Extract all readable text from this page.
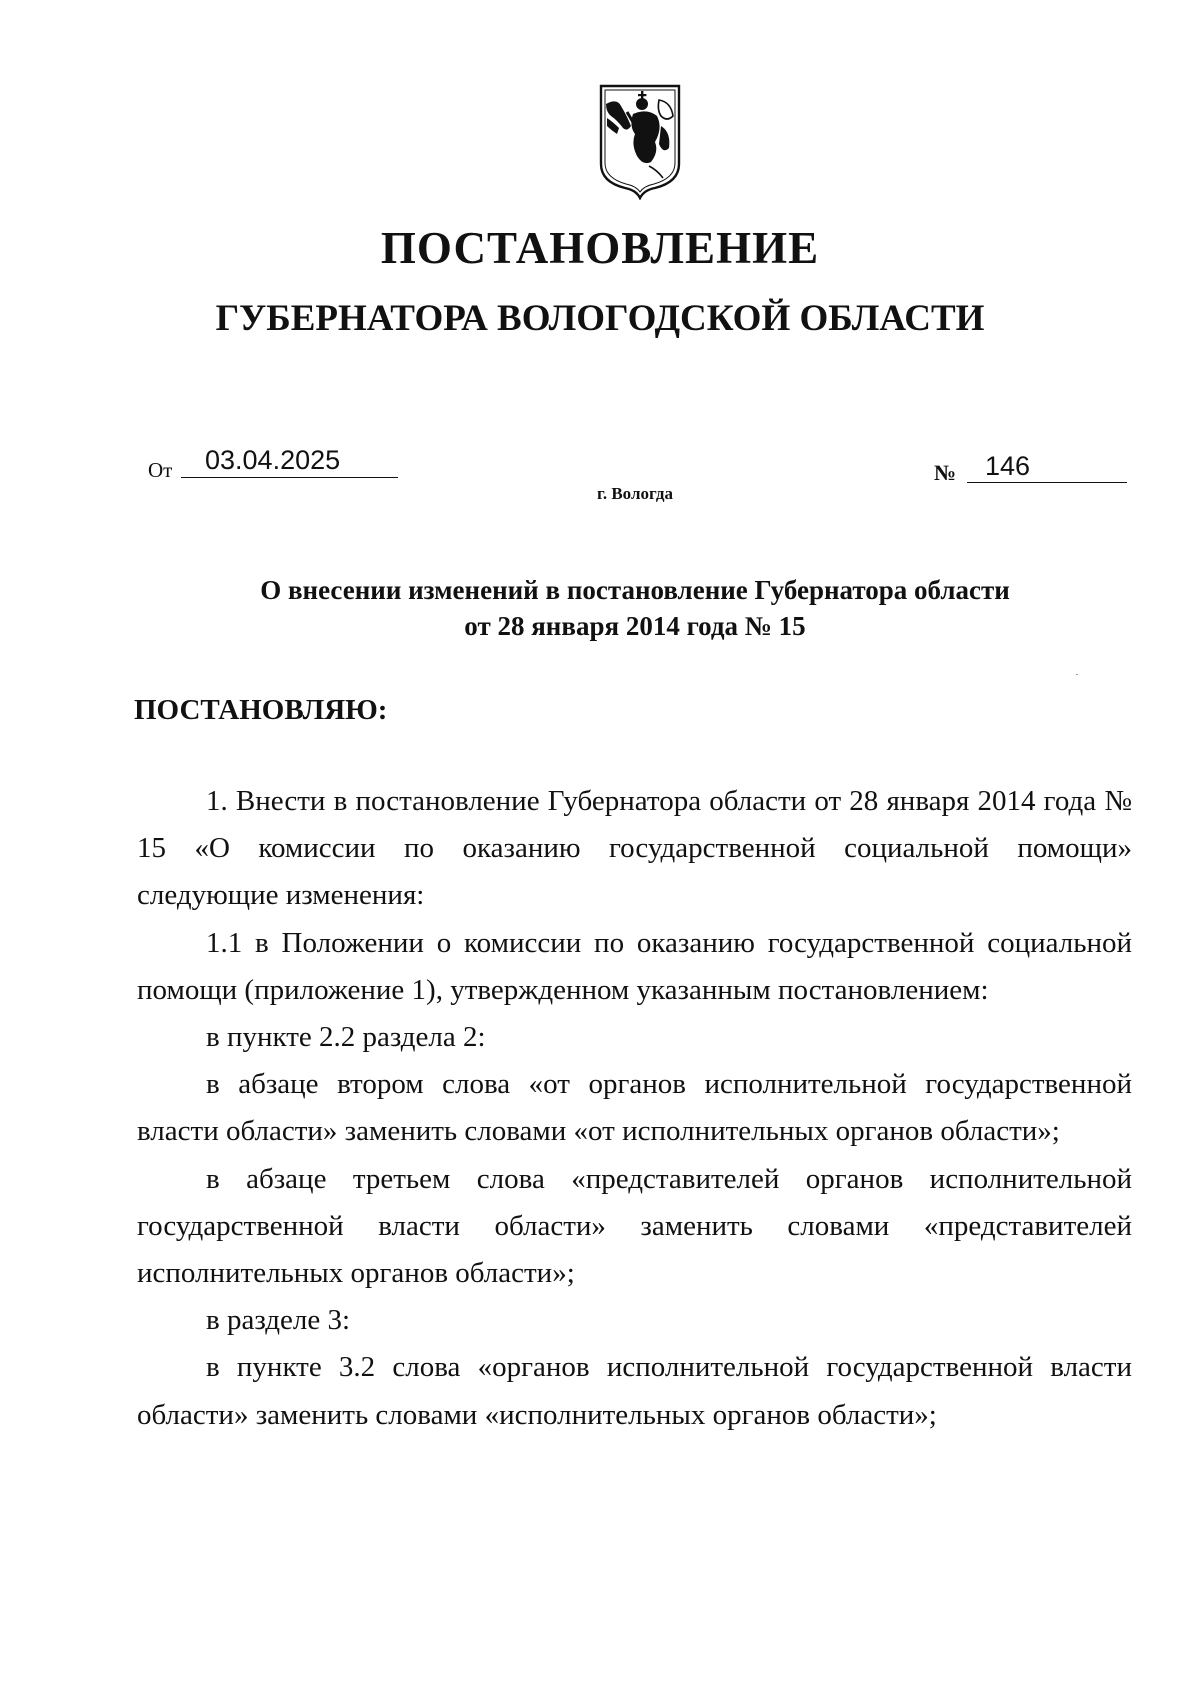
ПОСТАНОВЛЕНИЕ
ГУБЕРНАТОРА ВОЛОГОДСКОЙ ОБЛАСТИ
От 03.04.2025	№ 146
г. Вологда
О внесении изменений в постановление Губернатора области
от 28 января 2014 года № 15
ПОСТАНОВЛЯЮ:

1. Внести в постановление Губернатора области от 28 января 2014 года № 15 «О комиссии по оказанию государственной социальной помощи» следующие изменения:

1.1 в Положении о комиссии по оказанию государственной социальной помощи (приложение 1), утвержденном указанным постановлением:

в пункте 2.2 раздела 2:

в абзаце втором слова «от органов исполнительной государственной власти области» заменить словами «от исполнительных органов области»;

в абзаце третьем слова «представителей органов исполнительной государственной власти области» заменить словами «представителей исполнительных органов области»;

в разделе 3:

в пункте 3.2 слова «органов исполнительной государственной власти области» заменить словами «исполнительных органов области»;
